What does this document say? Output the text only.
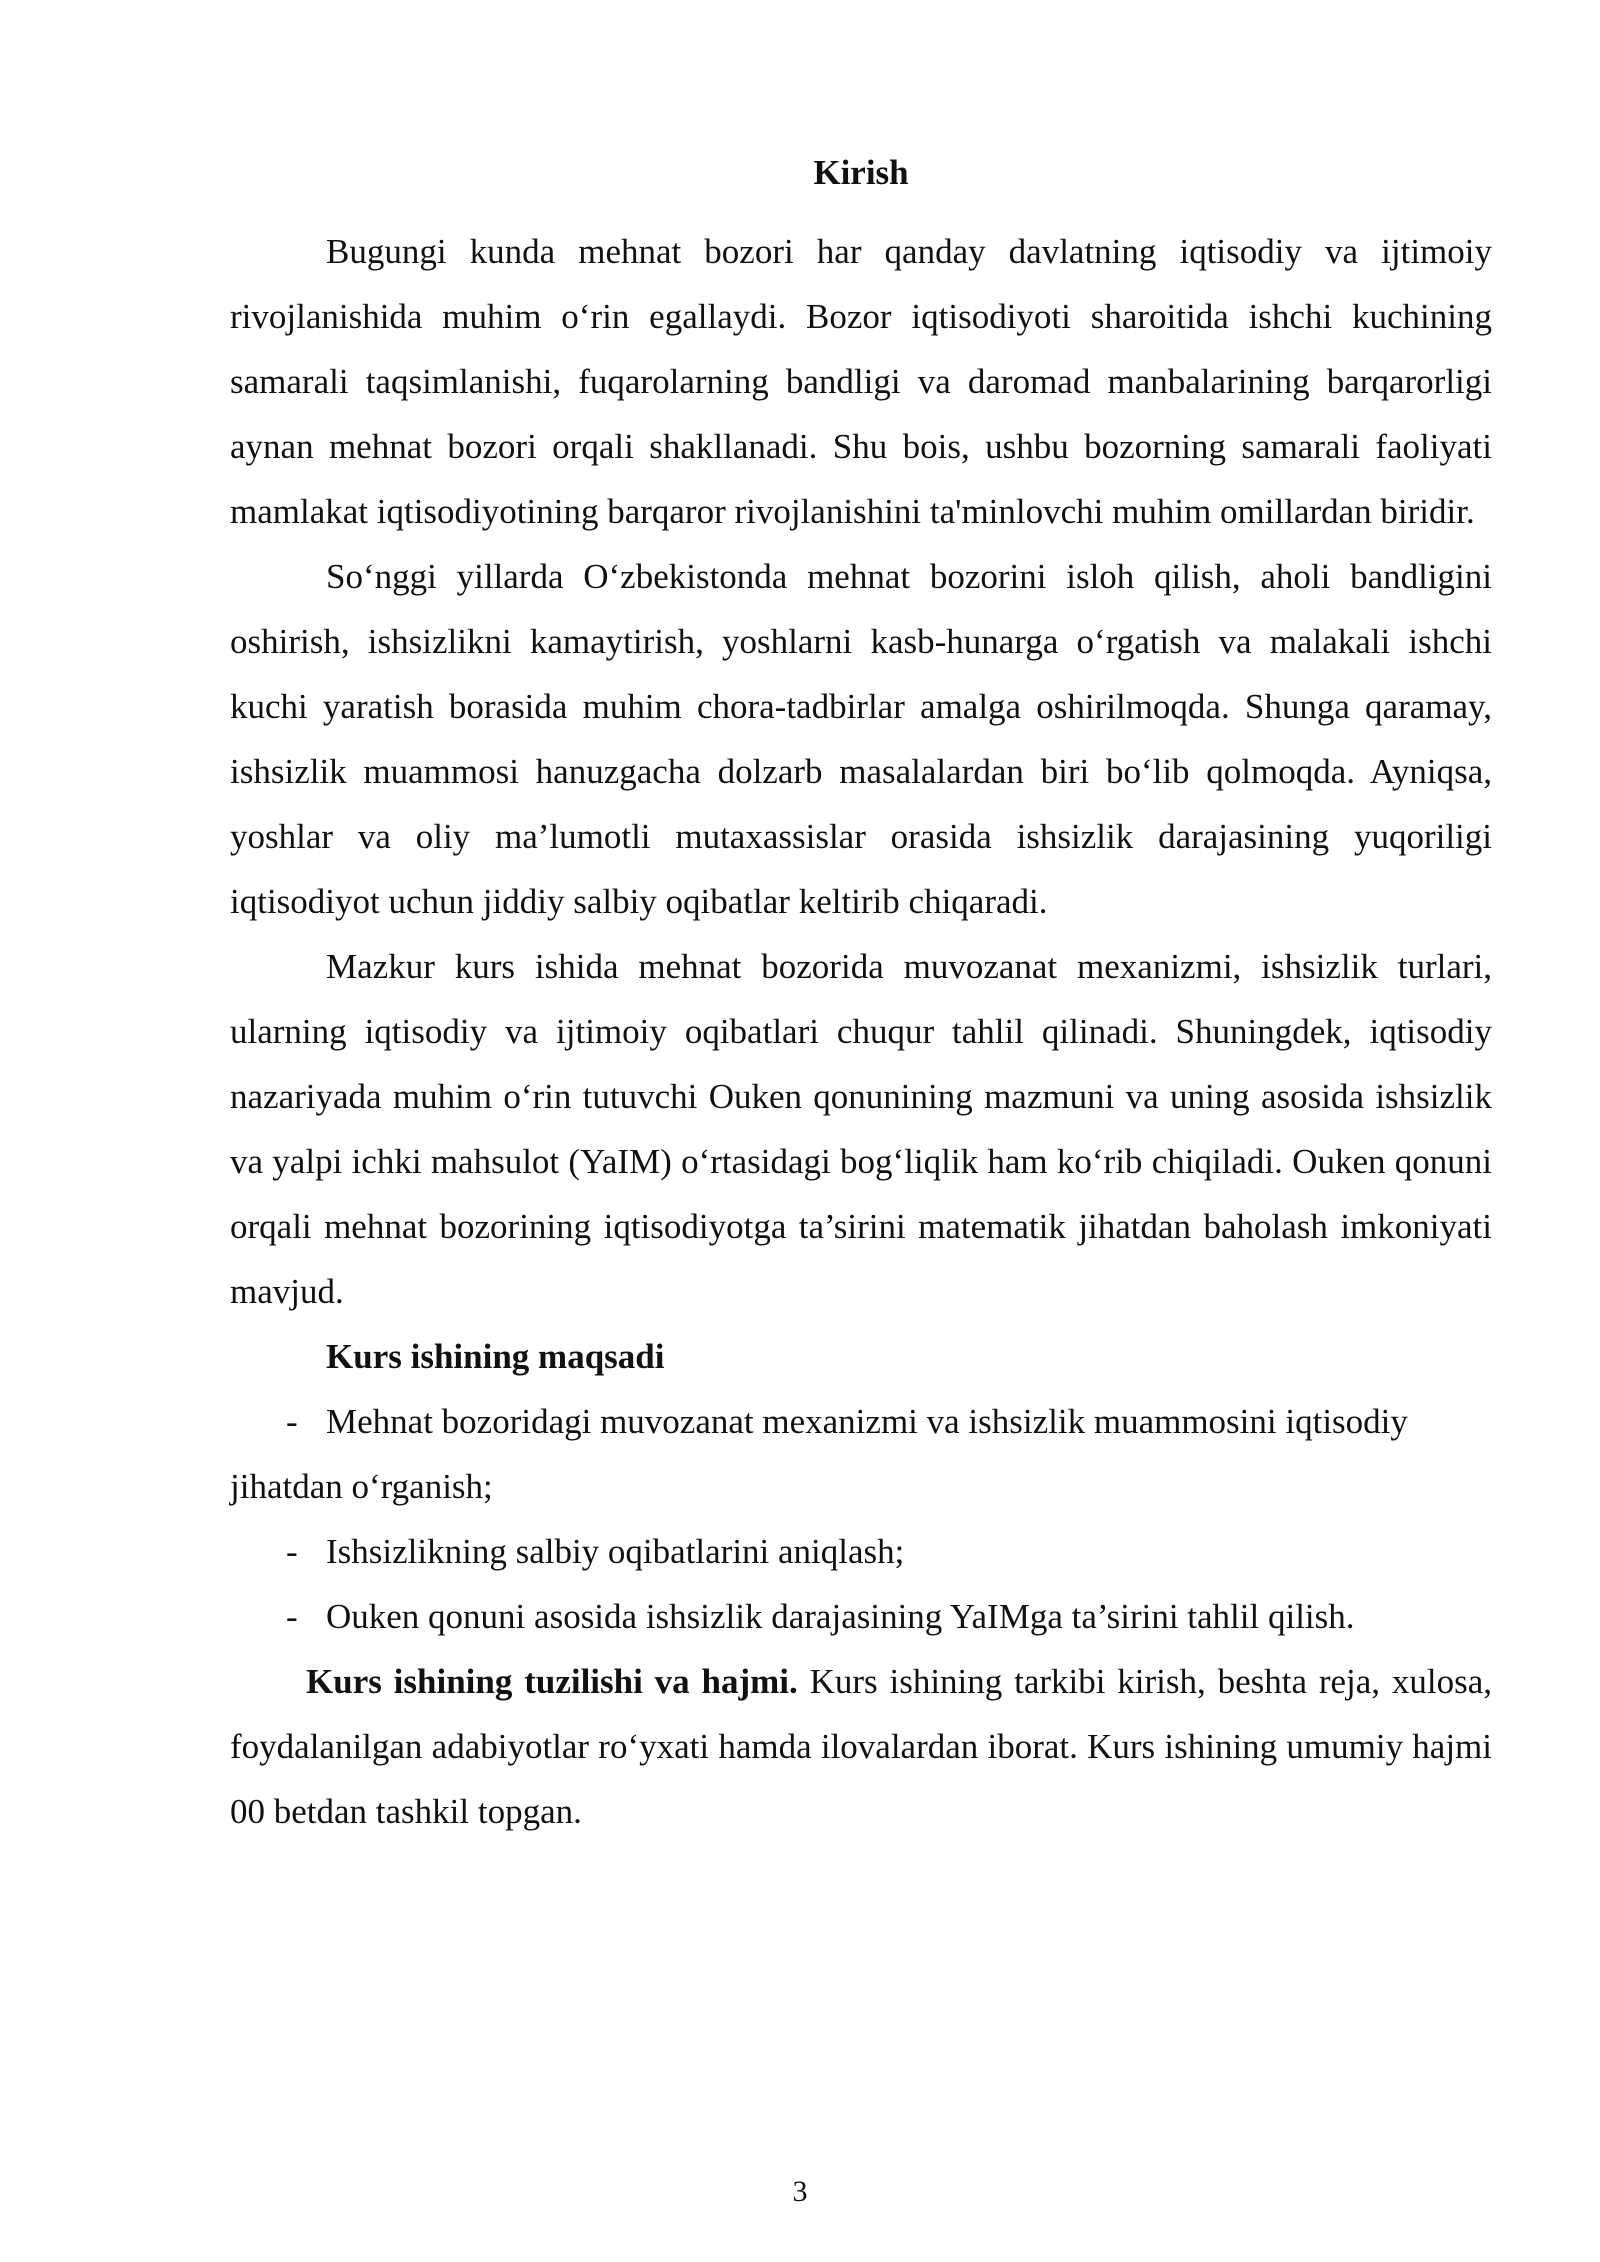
Kirish

Bugungi kunda mehnat bozori har qanday davlatning iqtisodiy va ijtimoiy rivojlanishida muhim o‘rin egallaydi. Bozor iqtisodiyoti sharoitida ishchi kuchining samarali taqsimlanishi, fuqarolarning bandligi va daromad manbalarining barqarorligi aynan mehnat bozori orqali shakllanadi. Shu bois, ushbu bozorning samarali faoliyati mamlakat iqtisodiyotining barqaror rivojlanishini ta'minlovchi muhim omillardan biridir.

So‘nggi yillarda O‘zbekistonda mehnat bozorini isloh qilish, aholi bandligini oshirish, ishsizlikni kamaytirish, yoshlarni kasb-hunarga o‘rgatish va malakali ishchi kuchi yaratish borasida muhim chora-tadbirlar amalga oshirilmoqda. Shunga qaramay, ishsizlik muammosi hanuzgacha dolzarb masalalardan biri bo‘lib qolmoqda. Ayniqsa, yoshlar va oliy ma’lumotli mutaxassislar orasida ishsizlik darajasining yuqoriligi iqtisodiyot uchun jiddiy salbiy oqibatlar keltirib chiqaradi.

Mazkur kurs ishida mehnat bozorida muvozanat mexanizmi, ishsizlik turlari, ularning iqtisodiy va ijtimoiy oqibatlari chuqur tahlil qilinadi. Shuningdek, iqtisodiy nazariyada muhim o‘rin tutuvchi Ouken qonunining mazmuni va uning asosida ishsizlik va yalpi ichki mahsulot (YaIM) o‘rtasidagi bog‘liqlik ham ko‘rib chiqiladi. Ouken qonuni orqali mehnat bozorining iqtisodiyotga ta’sirini matematik jihatdan baholash imkoniyati mavjud.

Kurs ishining maqsadi

- Mehnat bozoridagi muvozanat mexanizmi va ishsizlik muammosini iqtisodiy jihatdan o‘rganish;
- Ishsizlikning salbiy oqibatlarini aniqlash;
- Ouken qonuni asosida ishsizlik darajasining YaIMga ta’sirini tahlil qilish.

Kurs ishining tuzilishi va hajmi. Kurs ishining tarkibi kirish, beshta reja, xulosa, foydalanilgan adabiyotlar ro‘yxati hamda ilovalardan iborat. Kurs ishining umumiy hajmi 00 betdan tashkil topgan.

3
